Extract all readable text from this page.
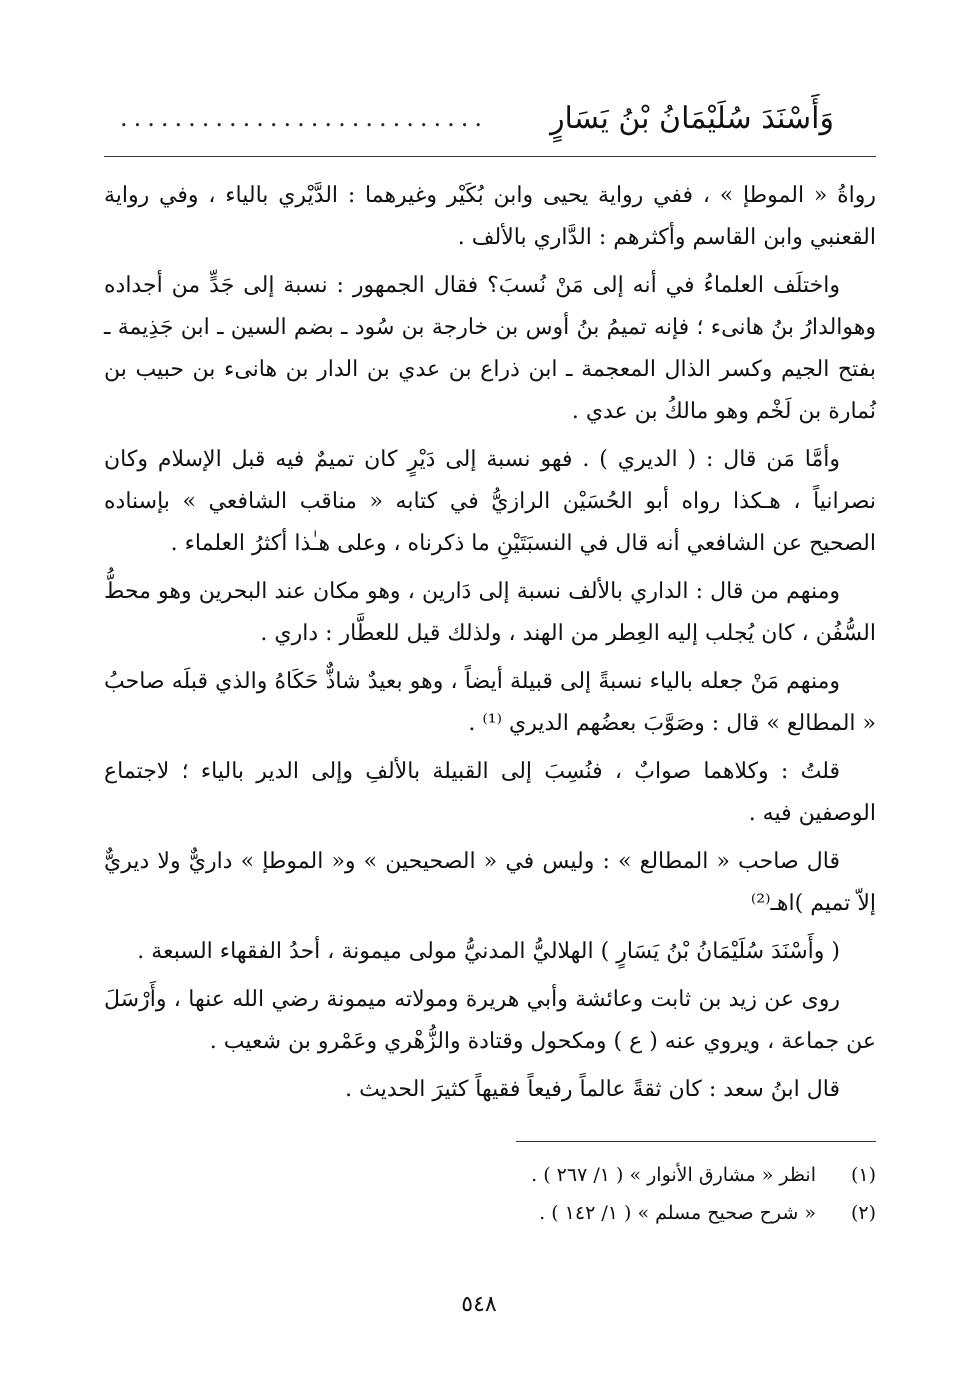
وَأَسْنَدَ سُلَيْمَانُ بْنُ يَسَارٍ
...........................

رواةُ « الموطإ » ، ففي رواية يحيى وابن بُكَيْر وغيرهما : الدَّيْري بالياء ، وفي رواية القعنبي وابن القاسم وأكثرهم : الدَّاري بالألف .

واختلَف العلماءُ في أنه إلى مَنْ نُسبَ؟ فقال الجمهور : نسبة إلى جَدٍّ من أجداده وهوالدارُ بنُ هانىء ؛ فإنه تميمُ بنُ أوس بن خارجة بن سُود ـ بضم السين ـ ابن جَذِيمة ـ بفتح الجيم وكسر الذال المعجمة ـ ابن ذراع بن عدي بن الدار بن هانىء بن حبيب بن نُمارة بن لَخْم وهو مالكُ بن عدي .

وأمَّا مَن قال : ( الديري ) . فهو نسبة إلى دَيْرٍ كان تميمٌ فيه قبل الإسلام وكان نصرانياً ، هـكذا رواه أبو الحُسَيْن الرازيُّ في كتابه « مناقب الشافعي » بإسناده الصحيح عن الشافعي أنه قال في النسبَتَيْنِ ما ذكرناه ، وعلى هـٰذا أكثرُ العلماء .

ومنهم من قال : الداري بالألف نسبة إلى دَارين ، وهو مكان عند البحرين وهو محطُّ السُّفُن ، كان يُجلب إليه العِطر من الهند ، ولذلك قيل للعطَّار : داري .

ومنهم مَنْ جعله بالياء نسبةً إلى قبيلة أيضاً ، وهو بعيدٌ شاذٌّ حَكَاهُ والذي قبلَه صاحبُ « المطالع » قال : وصَوَّبَ بعضُهم الديري ⁽¹⁾ .

قلتُ : وكلاهما صوابٌ ، فنُسِبَ إلى القبيلة بالألفِ وإلى الدير بالياء ؛ لاجتماع الوصفين فيه .

قال صاحب « المطالع » : وليس في « الصحيحين » و« الموطإ » داريٌّ ولا ديريٌّ إلاّ تميم )اهـ⁽²⁾

( وأَسْنَدَ سُلَيْمَانُ بْنُ يَسَارٍ ) الهلاليُّ المدنيُّ مولى ميمونة ، أحدُ الفقهاء السبعة .

روى عن زيد بن ثابت وعائشة وأبي هريرة ومولاته ميمونة رضي الله عنها ، وأَرْسَلَ عن جماعة ، ويروي عنه ( ع ) ومكحول وقتادة والزُّهْري وعَمْرو بن شعيب .

قال ابنُ سعد : كان ثقةً عالماً رفيعاً فقيهاً كثيرَ الحديث .

(١)
انظر « مشارق الأنوار » ( ١/ ٢٦٧ ) .
(٢)
« شرح صحيح مسلم » ( ١/ ١٤٢ ) .
٥٤٨
